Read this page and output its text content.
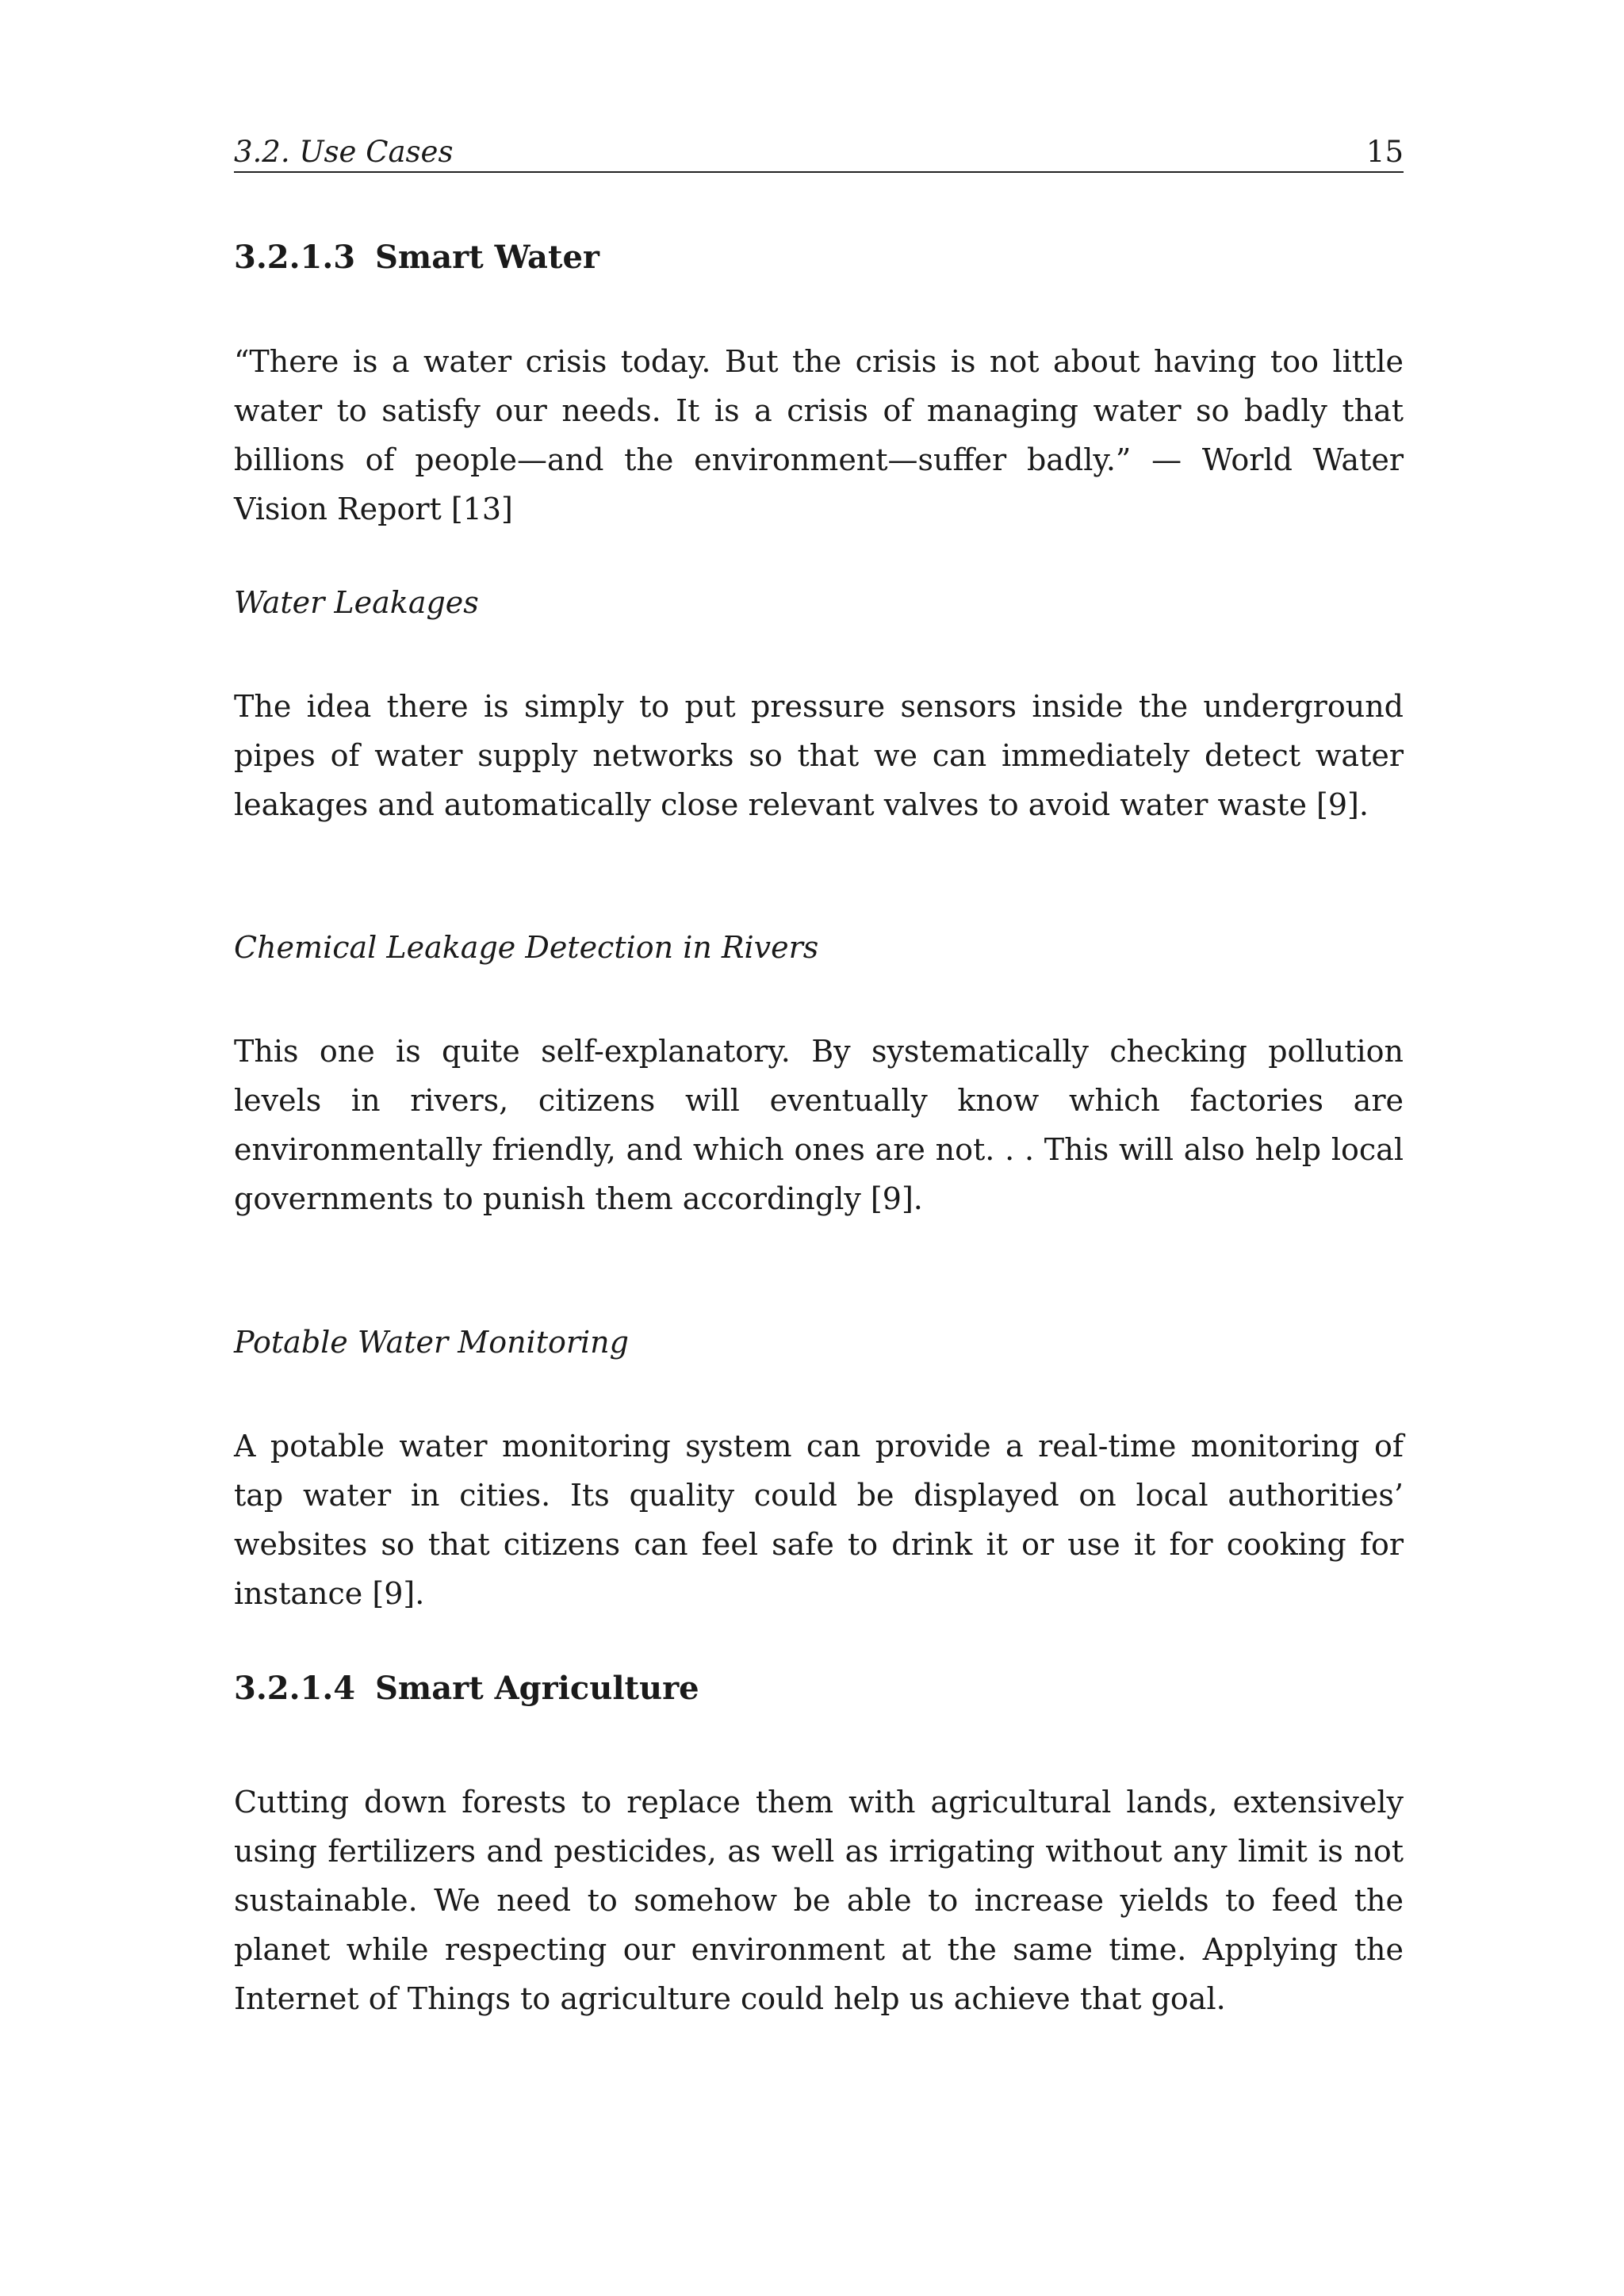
3.2. Use Cases	15
3.2.1.3 Smart Water

“There is a water crisis today. But the crisis is not about having too little water to satisfy our needs. It is a crisis of managing water so badly that billions of people—and the environment—suffer badly.” — World Water Vision Report [13]

Water Leakages

The idea there is simply to put pressure sensors inside the underground pipes of water supply networks so that we can immediately detect water leakages and automatically close relevant valves to avoid water waste [9].

Chemical Leakage Detection in Rivers

This one is quite self-explanatory. By systematically checking pollution levels in rivers, citizens will eventually know which factories are environmentally friendly, and which ones are not. . . This will also help local governments to punish them accordingly [9].

Potable Water Monitoring

A potable water monitoring system can provide a real-time monitoring of tap water in cities. Its quality could be displayed on local authorities’ websites so that citizens can feel safe to drink it or use it for cooking for instance [9].

3.2.1.4 Smart Agriculture

Cutting down forests to replace them with agricultural lands, extensively using fertilizers and pesticides, as well as irrigating without any limit is not sustainable. We need to somehow be able to increase yields to feed the planet while respecting our environment at the same time. Applying the Internet of Things to agriculture could help us achieve that goal.
